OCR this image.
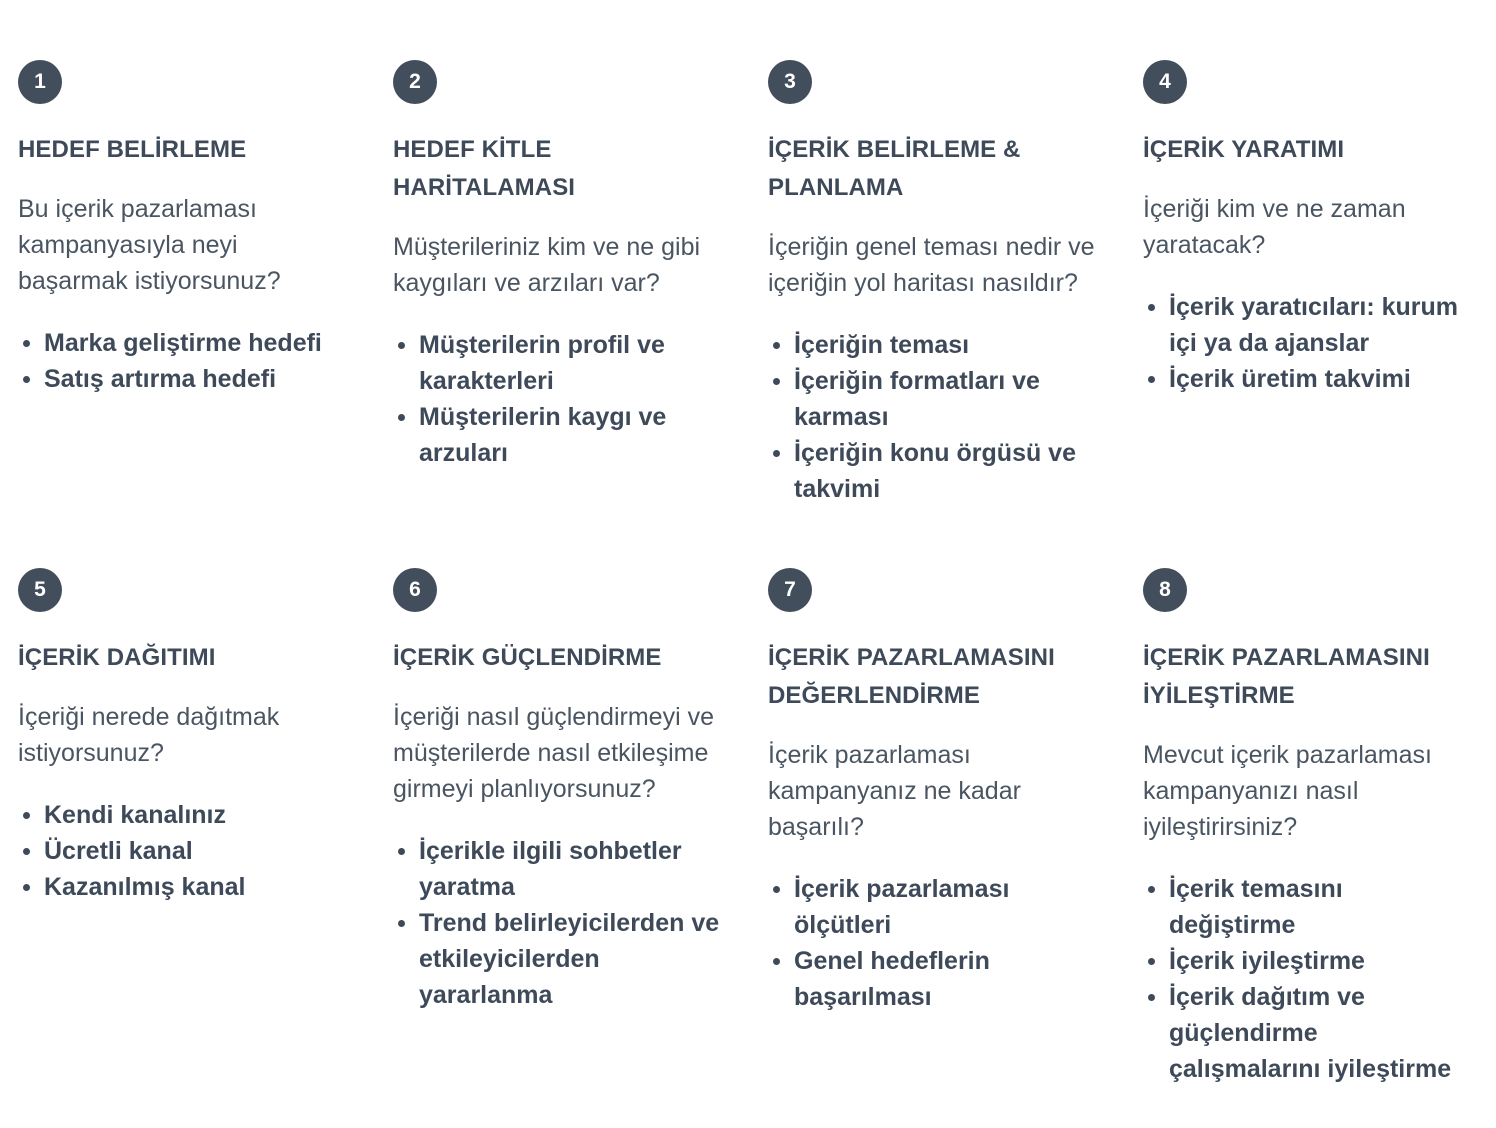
1
HEDEF BELİRLEME

Bu içerik pazarlaması kampanyasıyla neyi başarmak istiyorsunuz?

Marka geliştirme hedefi
Satış artırma hedefi
2
HEDEF KİTLE HARİTALAMASI

Müşterileriniz kim ve ne gibi kaygıları ve arzıları var?

Müşterilerin profil ve karakterleri
Müşterilerin kaygı ve arzuları
3
İÇERİK BELİRLEME & PLANLAMA

İçeriğin genel teması nedir ve içeriğin yol haritası nasıldır?

İçeriğin teması
İçeriğin formatları ve karması
İçeriğin konu örgüsü ve takvimi
4
İÇERİK YARATIMI

İçeriği kim ve ne zaman yaratacak?

İçerik yaratıcıları: kurum içi ya da ajanslar
İçerik üretim takvimi
5
İÇERİK DAĞITIMI

İçeriği nerede dağıtmak istiyorsunuz?

Kendi kanalınız
Ücretli kanal
Kazanılmış kanal
6
İÇERİK GÜÇLENDİRME

İçeriği nasıl güçlendirmeyi ve müşterilerde nasıl etkileşime girmeyi planlıyorsunuz?

İçerikle ilgili sohbetler yaratma
Trend belirleyicilerden ve etkileyicilerden yararlanma
7
İÇERİK PAZARLAMASINI DEĞERLENDİRME

İçerik pazarlaması kampanyanız ne kadar başarılı?

İçerik pazarlaması ölçütleri
Genel hedeflerin başarılması
8
İÇERİK PAZARLAMASINI İYİLEŞTİRME

Mevcut içerik pazarlaması kampanyanızı nasıl iyileştirirsiniz?

İçerik temasını değiştirme
İçerik iyileştirme
İçerik dağıtım ve güçlendirme çalışmalarını iyileştirme
